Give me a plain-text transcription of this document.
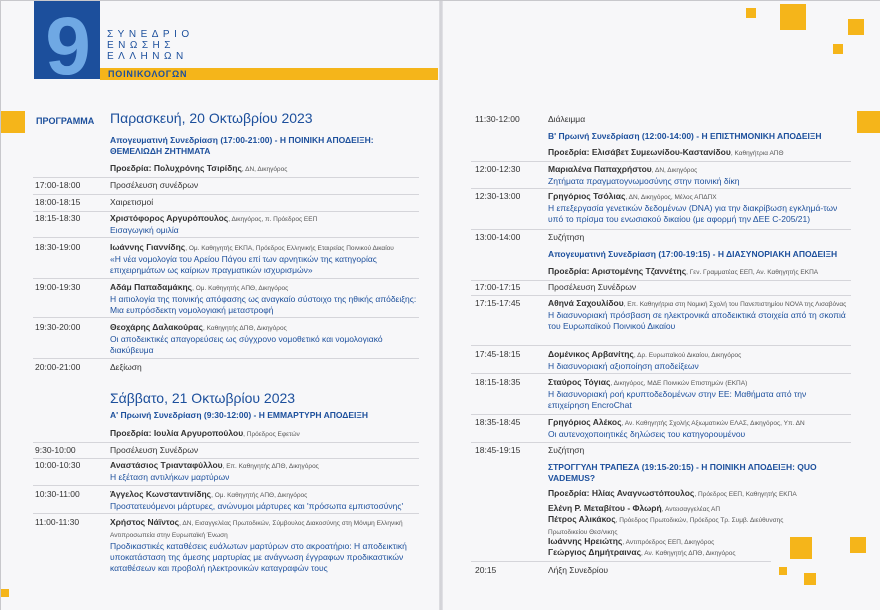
9	ΣΥΝΕΔΡΙΟ
ΕΝΩΣΗΣ
ΕΛΛΗΝΩΝ
ΠΟΙΝΙΚΟΛΟΓΩΝ
ΠΡΟΓΡΑΜΜΑ Παρασκευή, 20 Οκτωβρίου 2023
Απογευματινή Συνεδρίαση (17:00-21:00) - Η ΠΟΙΝΙΚΗ ΑΠΟΔΕΙΞΗ: ΘΕΜΕΛΙΩΔΗ ΖΗΤΗΜΑΤΑ
Προεδρία: Πολυχρόνης Τσιρίδης, ΔΝ, Δικηγόρος
17:00-18:00	Προσέλευση συνέδρων
18:00-18:15	Χαιρετισμοί
18:15-18:30	Χριστόφορος Αργυρόπουλος, Δικηγόρος, π. Πρόεδρος ΕΕΠ
Εισαγωγική ομιλία
18:30-19:00	Ιωάννης Γιαννίδης, Ομ. Καθηγητής ΕΚΠΑ, Πρόεδρος Ελληνικής Εταιρείας Ποινικού Δικαίου
«Η νέα νομολογία του Αρείου Πάγου επί των αρνητικών της κατηγορίας επιχειρημάτων ως καίριων πραγματικών ισχυρισμών»
19:00-19:30	Αδάμ Παπαδαμάκης, Ομ. Καθηγητής ΑΠΘ, Δικηγόρος
Η αιτιολογία της ποινικής απόφασης ως αναγκαίο σύστοιχο της ηθικής απόδειξης: Μια ευπρόσδεκτη νομολογιακή μεταστροφή
19:30-20:00	Θεοχάρης Δαλακούρας, Καθηγητής ΔΠΘ, Δικηγόρος
Οι αποδεικτικές απαγορεύσεις ως σύγχρονο νομοθετικό και νομολογιακό διακύβευμα
20:00-21:00	Δεξίωση
Σάββατο, 21 Οκτωβρίου 2023
Α' Πρωινή Συνεδρίαση (9:30-12:00) - Η ΕΜΜΑΡΤΥΡΗ ΑΠΟΔΕΙΞΗ
Προεδρία: Ιουλία Αργυροπούλου, Πρόεδρος Εφετών
9:30-10:00	Προσέλευση Συνέδρων
10:00-10:30	Αναστάσιος Τριανταφύλλου, Επ. Καθηγητής ΔΠΘ, Δικηγόρος
Η εξέταση αντιλήκων μαρτύρων
10:30-11:00	Άγγελος Κωνσταντινίδης, Ομ. Καθηγητής ΑΠΘ, Δικηγόρος
Προστατευόμενοι μάρτυρες, ανώνυμοι μάρτυρες και 'πρόσωπα εμπιστοσύνης'
11:00-11:30	Χρήστος Νάϊντος, ΔΝ, Εισαγγελέας Πρωτοδικών, Σύμβουλος Διακοσύνης στη Μόνιμη Ελληνική Αντιπροσωπεία στην Ευρωπαϊκή Ένωση
Προδικαστικές καταθέσεις ευάλωτων μαρτύρων στο ακροατήριο: Η αποδεικτική υποκατάσταση της άμεσης μαρτυρίας με ανάγνωση έγγραφων προδικαστικών καταθέσεων και προβολή ηλεκτρονικών καταγραφών τους
11:30-12:00	Διάλειμμα
Β' Πρωινή Συνεδρίαση (12:00-14:00) - Η ΕΠΙΣΤΗΜΟΝΙΚΗ ΑΠΟΔΕΙΞΗ
Προεδρία: Ελισάβετ Συμεωνίδου-Καστανίδου, Καθηγήτρια ΑΠΘ
12:00-12:30	Μαριαλένα Παπαχρήστου, ΔΝ, Δικηγόρος
Ζητήματα πραγματογνωμοσύνης στην ποινική δίκη
12:30-13:00	Γρηγόριος Τσόλιας, ΔΝ, Δικηγόρος, Μέλος ΑΠΔΠΧ
Η επεξεργασία γενετικών δεδομένων (DNA) για την διακρίβωση εγκλημά-των υπό το πρίσμα του ενωσιακού δικαίου (με αφορμή την ΔΕΕ C-205/21)
13:00-14:00	Συζήτηση
Απογευματινή Συνεδρίαση (17:00-19:15) - Η ΔΙΑΣΥΝΟΡΙΑΚΗ ΑΠΟΔΕΙΞΗ
Προεδρία: Αριστομένης Τζαννέτης, Γεν. Γραμματέας ΕΕΠ, Αν. Καθηγητής ΕΚΠΑ
17:00-17:15	Προσέλευση Συνέδρων
17:15-17:45	Αθηνά Σαχουλίδου, Επ. Καθηγήτρια στη Νομική Σχολή του Πανεπιστημίου NOVA της Λισαβόνας
Η διασυνοριακή πρόσβαση σε ηλεκτρονικά αποδεικτικά στοιχεία από τη σκοπιά του Ευρωπαϊκού Ποινικού Δικαίου
17:45-18:15	Δομένικος Αρβανίτης, Δρ. Ευρωπαϊκού Δικαίου, Δικηγόρος
Η διασυνοριακή αξιοποίηση αποδείξεων
18:15-18:35	Σταύρος Τόγιας, Δικηγόρος, ΜΔΕ Ποινικών Επιστημών (ΕΚΠΑ)
Η διασυνοριακή ροή κρυπτοδεδομένων στην ΕΕ: Μαθήματα από την επιχείρηση EncroChat
18:35-18:45	Γρηγόριος Αλέκος, Αν. Καθηγητής Σχολής Αξιωματικών ΕΛΑΣ, Δικηγόρος, Υπ. ΔΝ
Οι αυτενοχοποιητικές δηλώσεις του κατηγορουμένου
18:45-19:15	Συζήτηση
ΣΤΡΟΓΓΥΛΗ ΤΡΑΠΕΖΑ (19:15-20:15) - Η ΠΟΙΝΙΚΗ ΑΠΟΔΕΙΞΗ: QUO VADEMUS?
Προεδρία: Ηλίας Αναγνωστόπουλος, Πρόεδρος ΕΕΠ, Καθηγητής ΕΚΠΑ
Ελένη Ρ. Μεταβίτου - Φλωρή, Αντεισαγγελέας ΑΠ
Πέτρος Αλικάκος, Πρόεδρος Πρωτοδικών, Πρόεδρος Τρ. Συμβ. Διεύθυνσης Πρωτοδικείου Θεσ/νικης
Ιωάννης Ηρειώτης, Αντιπρόεδρος ΕΕΠ, Δικηγόρος
Γεώργιος Δημήτραινας, Αν. Καθηγητής ΔΠΘ, Δικηγόρος
20:15	Λήξη Συνεδρίου
